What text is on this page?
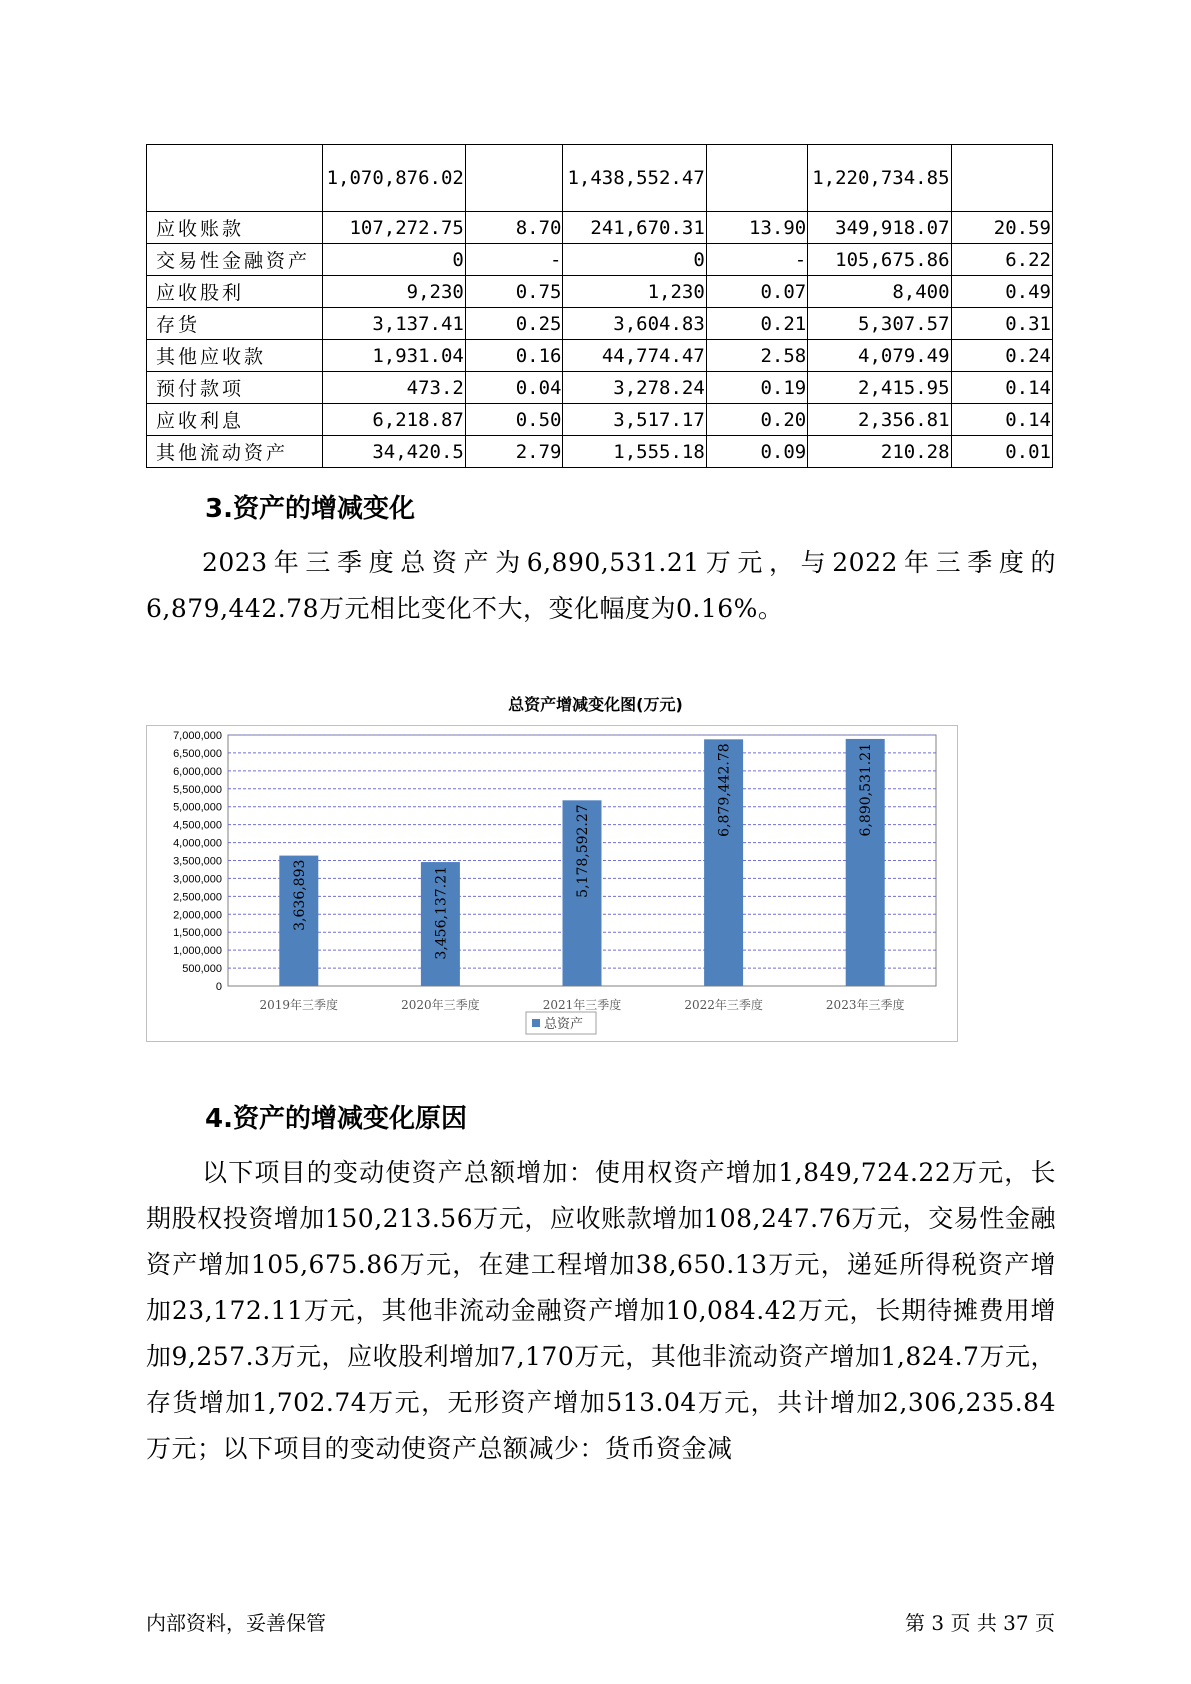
	1,070,876.02		1,438,552.47		1,220,734.85	
应收账款	107,272.75	8.70	241,670.31	13.90	349,918.07	20.59
交易性金融资产	0	-	0	-	105,675.86	6.22
应收股利	9,230	0.75	1,230	0.07	8,400	0.49
存货	3,137.41	0.25	3,604.83	0.21	5,307.57	0.31
其他应收款	1,931.04	0.16	44,774.47	2.58	4,079.49	0.24
预付款项	473.2	0.04	3,278.24	0.19	2,415.95	0.14
应收利息	6,218.87	0.50	3,517.17	0.20	2,356.81	0.14
其他流动资产	34,420.5	2.79	1,555.18	0.09	210.28	0.01
3.资产的增减变化
2023年三季度总资产为6,890,531.21万元，与2022年三季度的6,879,442.78万元相比变化不大，变化幅度为0.16%。
总资产增减变化图(万元)
0
500,000
1,000,000
1,500,000
2,000,000
2,500,000
3,000,000
3,500,000
4,000,000
4,500,000
5,000,000
5,500,000
6,000,000
6,500,000
7,000,000
3,636,893
2019年三季度
3,456,137.21
2020年三季度
5,178,592.27
2021年三季度
6,879,442.78
2022年三季度
6,890,531.21
2023年三季度
总资产
4.资产的增减变化原因
以下项目的变动使资产总额增加：使用权资产增加1,849,724.22万元，长期股权投资增加150,213.56万元，应收账款增加108,247.76万元，交易性金融资产增加105,675.86万元，在建工程增加38,650.13万元，递延所得税资产增加23,172.11万元，其他非流动金融资产增加10,084.42万元，长期待摊费用增加9,257.3万元，应收股利增加7,170万元，其他非流动资产增加1,824.7万元，存货增加1,702.74万元，无形资产增加513.04万元，共计增加2,306,235.84万元；以下项目的变动使资产总额减少：货币资金减
内部资料，妥善保管	第 3 页 共 37 页
